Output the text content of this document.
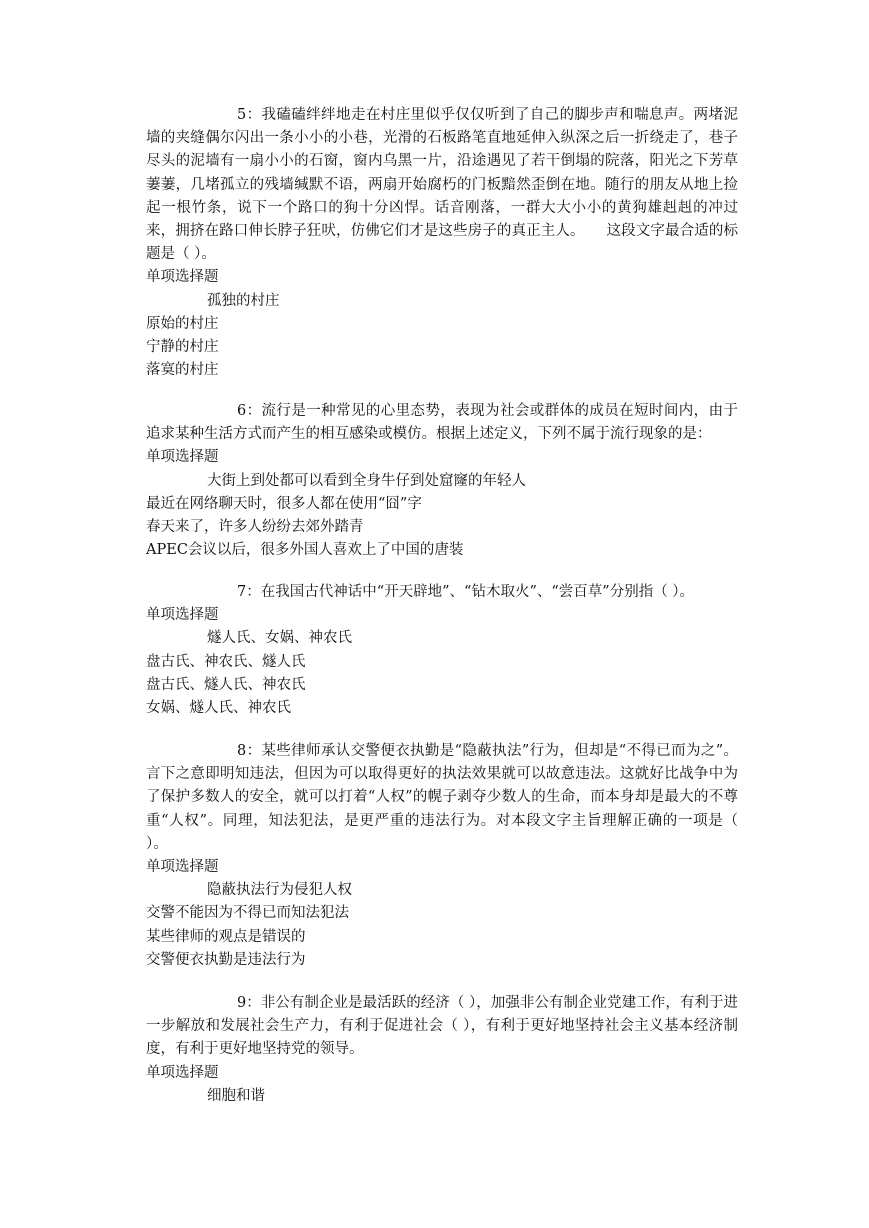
5：我磕磕绊绊地走在村庄里似乎仅仅听到了自己的脚步声和喘息声。两堵泥墙的夹缝偶尔闪出一条小小的小巷，光滑的石板路笔直地延伸入纵深之后一折绕走了，巷子尽头的泥墙有一扇小小的石窗，窗内乌黑一片，沿途遇见了若干倒塌的院落，阳光之下芳草萋萋，几堵孤立的残墙缄默不语，两扇开始腐朽的门板黯然歪倒在地。随行的朋友从地上捡起一根竹条，说下一个路口的狗十分凶悍。话音刚落，一群大大小小的黄狗雄赳赳的冲过来，拥挤在路口伸长脖子狂吠，仿佛它们才是这些房子的真正主人。　　这段文字最合适的标题是（ ）。

单项选择题

孤独的村庄

原始的村庄

宁静的村庄

落寞的村庄

6：流行是一种常见的心里态势，表现为社会或群体的成员在短时间内，由于追求某种生活方式而产生的相互感染或模仿。根据上述定义，下列不属于流行现象的是：

单项选择题

大街上到处都可以看到全身牛仔到处窟窿的年轻人

最近在网络聊天时，很多人都在使用“囧”字

春天来了，许多人纷纷去郊外踏青

APEC会议以后，很多外国人喜欢上了中国的唐装

7：在我国古代神话中“开天辟地”、“钻木取火”、“尝百草”分别指（ ）。

单项选择题

燧人氏、女娲、神农氏

盘古氏、神农氏、燧人氏

盘古氏、燧人氏、神农氏

女娲、燧人氏、神农氏

8：某些律师承认交警便衣执勤是“隐蔽执法”行为，但却是“不得已而为之”。言下之意即明知违法，但因为可以取得更好的执法效果就可以故意违法。这就好比战争中为了保护多数人的安全，就可以打着“人权”的幌子剥夺少数人的生命，而本身却是最大的不尊重“人权”。同理，知法犯法，是更严重的违法行为。对本段文字主旨理解正确的一项是（ ）。

单项选择题

隐蔽执法行为侵犯人权

交警不能因为不得已而知法犯法

某些律师的观点是错误的

交警便衣执勤是违法行为

9：非公有制企业是最活跃的经济（ ），加强非公有制企业党建工作，有利于进一步解放和发展社会生产力，有利于促进社会（ ），有利于更好地坚持社会主义基本经济制度，有利于更好地坚持党的领导。

单项选择题

细胞和谐
